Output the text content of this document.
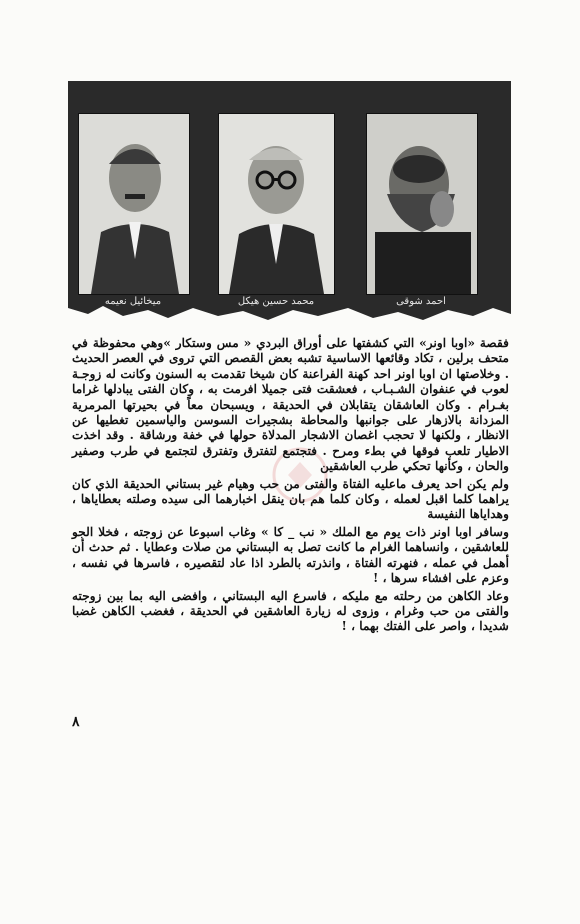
احمد شوقی
محمد حسين هيكل
ميخائيل نعيمه

فقصة «اوبا اونر» التي كشفتها على أوراق البردي « مس وستكار »وهي محفوظة في متحف برلين ، تكاد وقائعها الاساسية تشبه بعض القصص التي تروى في العصر الحديث . وخلاصتها ان اوبا اونر احد كهنة الفراعنة كان شيخا تقدمت به السنون وكانت له زوجـة لعوب في عنفوان الشـبـاب ، فعشقت فتى جميلا افرمت به ، وكان الفتى يبادلها غراما بغـرام . وكان العاشقان يتقابلان في الحديقة ، ويسبحان معاً في بحيرتها المرمرية المزدانة بالازهار على جوانبها والمحاطة بشجيرات السوسن والياسمين تغطيها عن الانظار ، ولكنها لا تحجب اغصان الاشجار المدلاة حولها في خفة ورشاقة . وقد اخذت الاطيار تلعب فوقها في بطء ومرح . فتجتمع لتفترق وتفترق لتجتمع في طرب وصفير والحان ، وكأنها تحكي طرب العاشقين

ولم يكن احد يعرف ماعليه الفتاة والفتى من حب وهيام غير بستاني الحديقة الذي كان يراهما كلما اقبل لعمله ، وكان كلما هم بان ينقل اخبارهما الى سيده وصلته بعطاياها ، وهداياها النفيسة

وسافر اوبا اونر ذات يوم مع الملك « نب _ كا » وغاب اسبوعا عن زوجته ، فخلا الجو للعاشقين ، وانساهما الغرام ما كانت تصل به البستاني من صلات وعطايا . ثم حدث أن أهمل في عمله ، فنهرته الفتاة ، وانذرته بالطرد اذا عاد لتقصيره ، فاسرها في نفسه ، وعزم على افشاء سرها ، !

وعاد الكاهن من رحلته مع مليكه ، فاسرع اليه البستاني ، وافضى اليه بما بين زوجته والفتى من حب وغرام ، وزوى له زيارة العاشقين في الحديقة ، فغضب الكاهن غضبا شديدا ، واصر على الفتك بهما ، !

٨
